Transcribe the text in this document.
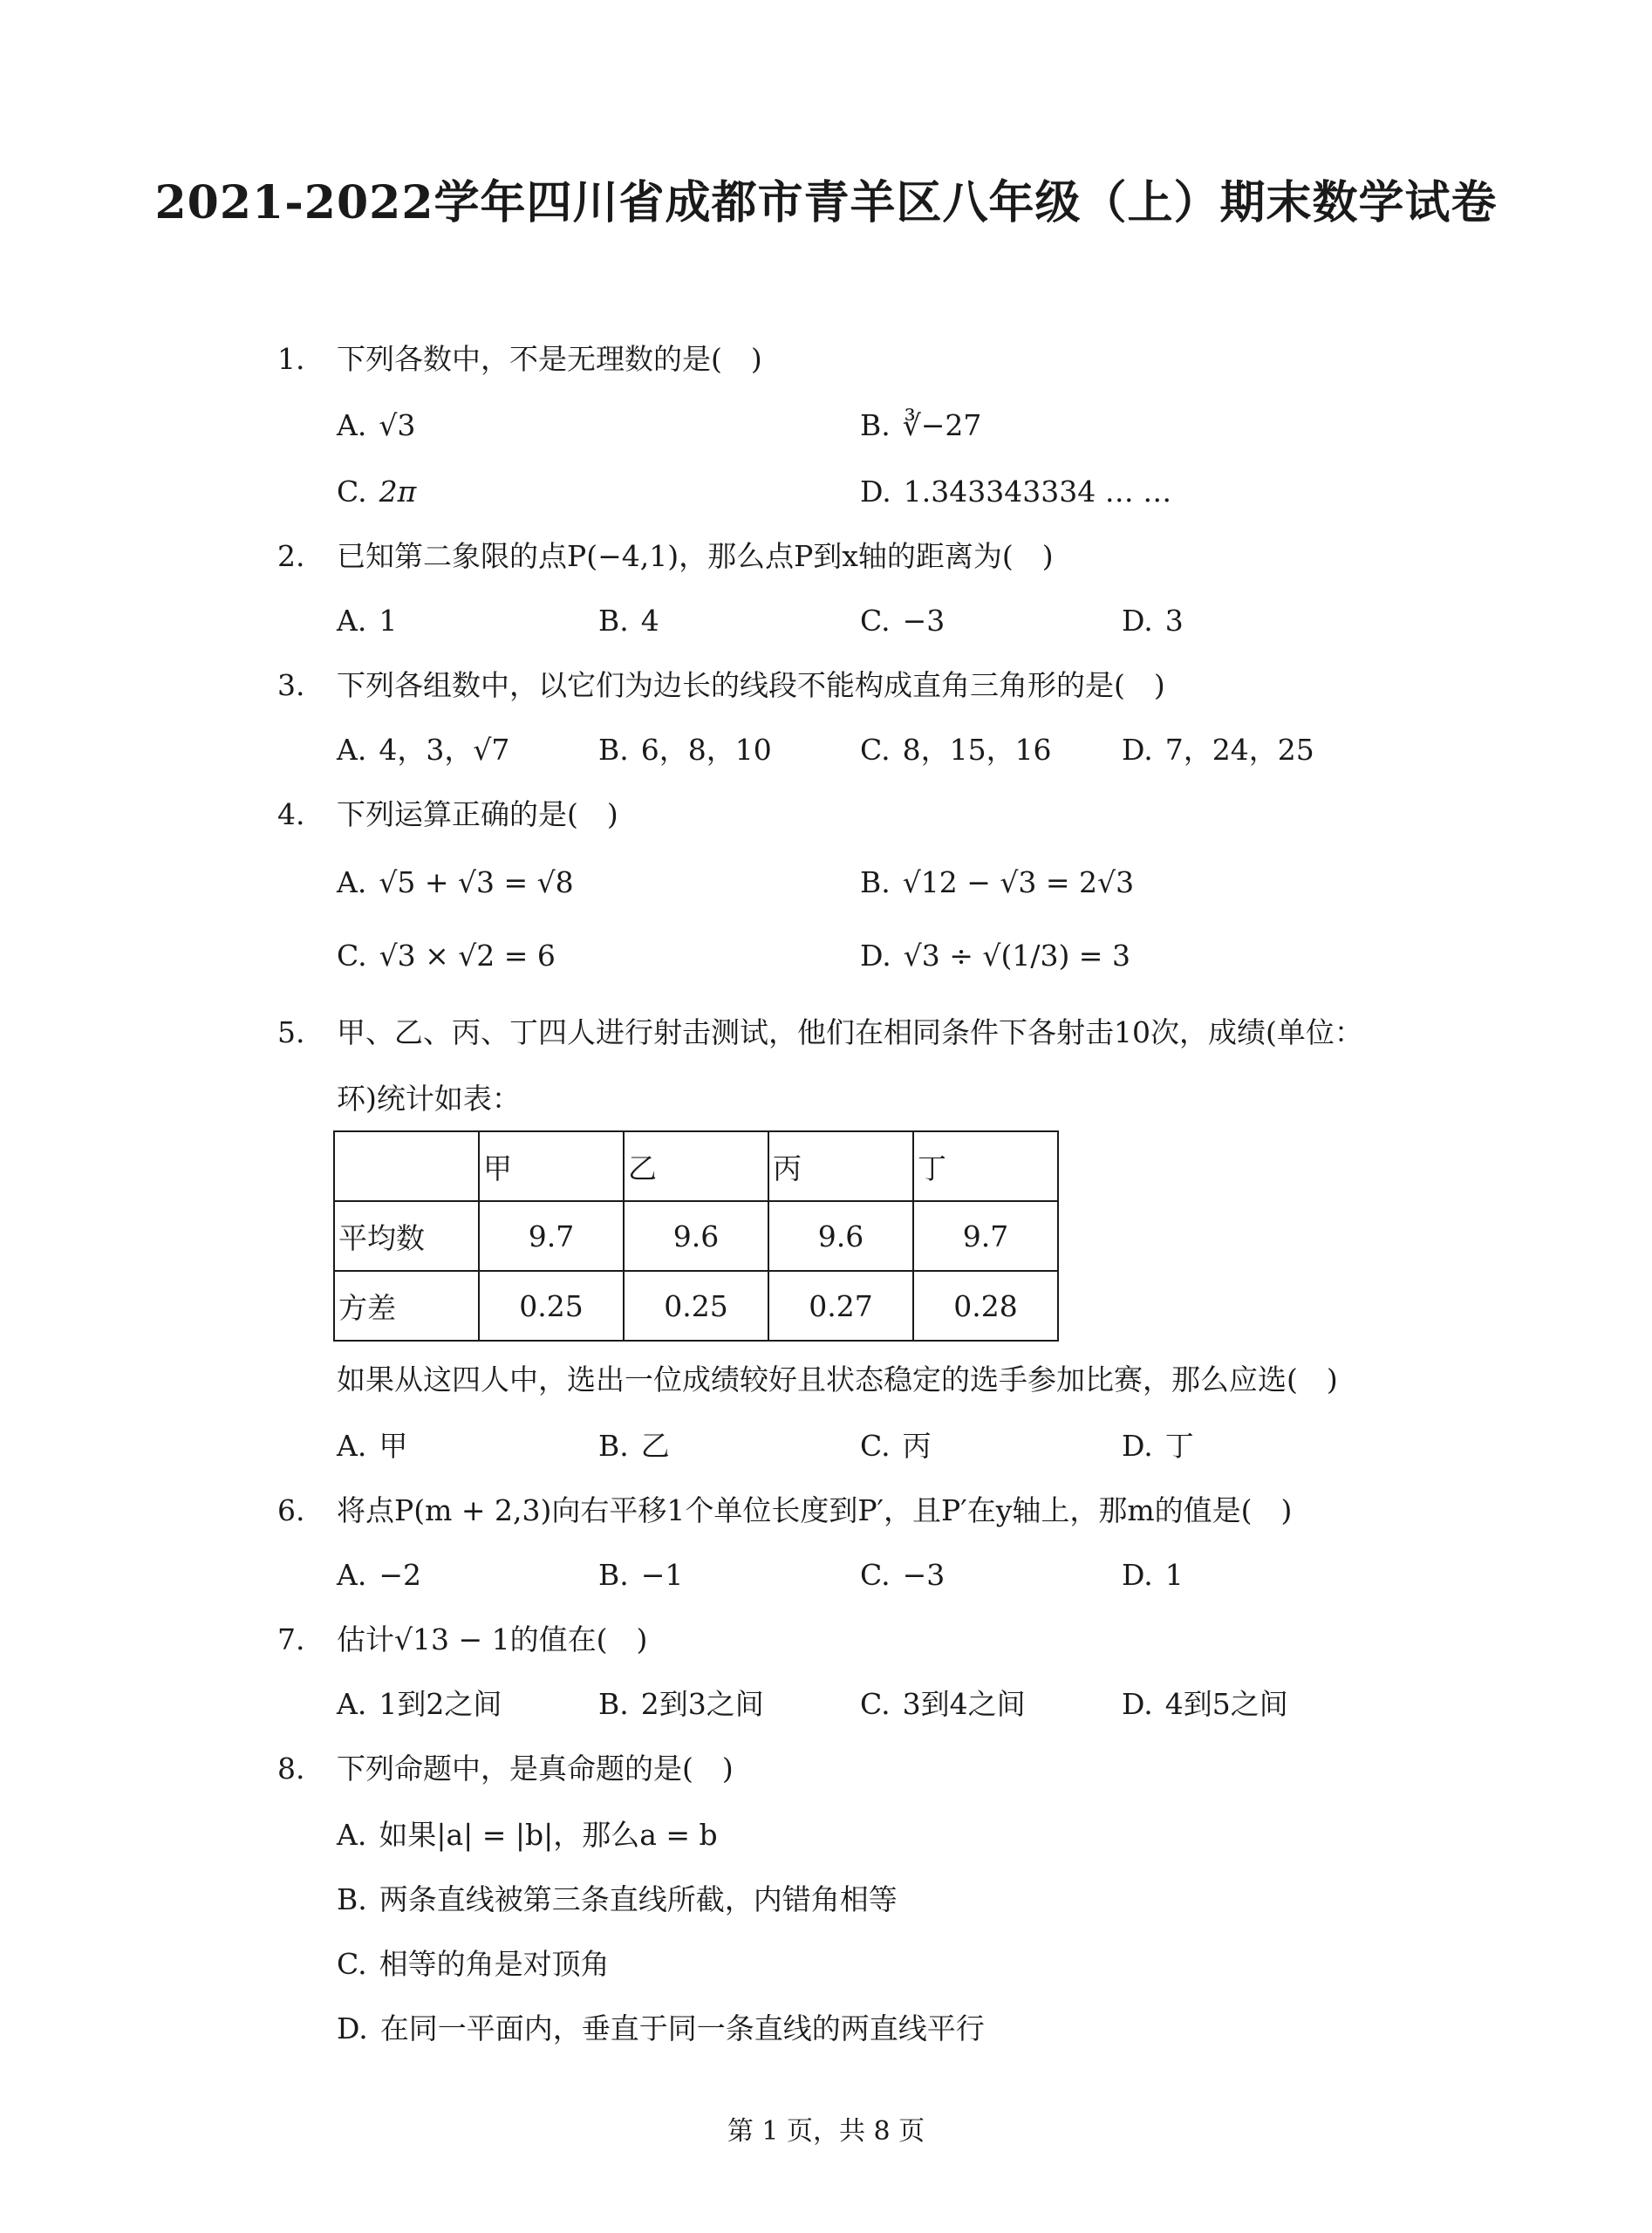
2021-2022学年四川省成都市青羊区八年级（上）期末数学试卷
1. 下列各数中，不是无理数的是(  )
A. √3	B. ∛−27
C. 2π	D. 1.343343334 … …
2. 已知第二象限的点P(−4,1)，那么点P到x轴的距离为(  )
A. 1	B. 4	C. −3	D. 3
3. 下列各组数中，以它们为边长的线段不能构成直角三角形的是(  )
A. 4，3，√7	B. 6，8，10	C. 8，15，16 D. 7，24，25
4. 下列运算正确的是(  )
A. √5 + √3 = √8	B. √12 − √3 = 2√3
C. √3 × √2 = 6	D. √3 ÷ √(1/3) = 3
5. 甲、乙、丙、丁四人进行射击测试，他们在相同条件下各射击10次，成绩(单位：
环)统计如表：
	甲	乙	丙	丁
平均数	9.7	9.6	9.6	9.7
方差	0.25	0.25	0.27	0.28
如果从这四人中，选出一位成绩较好且状态稳定的选手参加比赛，那么应选(  )
A. 甲	B. 乙	C. 丙	D. 丁
6. 将点P(m + 2,3)向右平移1个单位长度到P′，且P′在y轴上，那m的值是(  )
A. −2	B. −1	C. −3	D. 1
7. 估计√13 − 1的值在(  )
A. 1到2之间	B. 2到3之间	C. 3到4之间	D. 4到5之间
8. 下列命题中，是真命题的是(  )
A. 如果|a| = |b|，那么a = b
B. 两条直线被第三条直线所截，内错角相等
C. 相等的角是对顶角
D. 在同一平面内，垂直于同一条直线的两直线平行
第 1 页，共 8 页
